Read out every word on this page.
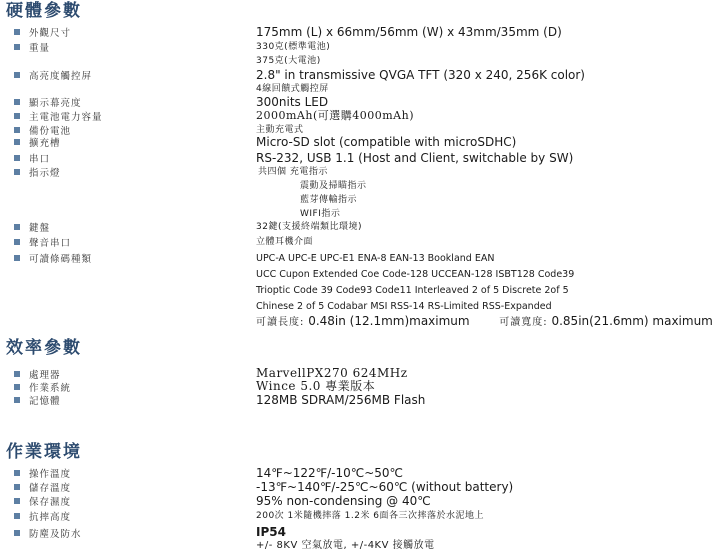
硬體參數
外觀尺寸	175mm (L) x 66mm/56mm (W) x 43mm/35mm (D)
重量	330克(標準電池)
375克(大電池)
高亮度觸控屏	2.8" in transmissive QVGA TFT (320 x 240, 256K color)
4線回饋式觸控屏
顯示幕亮度	300nits LED
主電池電力容量	2000mAh(可選購4000mAh)
備份電池	主動充電式
擴充槽	Micro-SD slot (compatible with microSDHC)
串口	RS-232, USB 1.1 (Host and Client, switchable by SW)
指示燈	共四個 充電指示
震動及掃瞄指示
藍芽傳輸指示
WIFI指示
鍵盤	32鍵(支援終端類比環境)
聲音串口	立體耳機介面
可讀條碼種類	UPC-A UPC-E UPC-E1 ENA-8 EAN-13 Bookland EAN
UCC Cupon Extended Coe Code-128 UCCEAN-128 ISBT128 Code39
Trioptic Code 39 Code93 Code11 Interleaved 2 of 5 Discrete 2of 5
Chinese 2 of 5 Codabar MSI RSS-14 RS-Limited RSS-Expanded
可讀長度: 0.48in (12.1mm)maximum	可讀寬度: 0.85in(21.6mm) maximum
效率參數
處理器	MarvellPX270 624MHz
作業系統	Wince 5.0 專業版本
記憶體	128MB SDRAM/256MB Flash
作業環境
操作溫度	14℉~122℉/-10℃~50℃
儲存溫度	-13℉~140℉/-25℃~60℃ (without battery)
保存濕度	95% non-condensing @ 40℃
抗摔高度	200次 1米隨機摔落 1.2米 6面各三次摔落於水泥地上
防塵及防水	IP54
+/- 8KV 空氣放電, +/-4KV 接觸放電
